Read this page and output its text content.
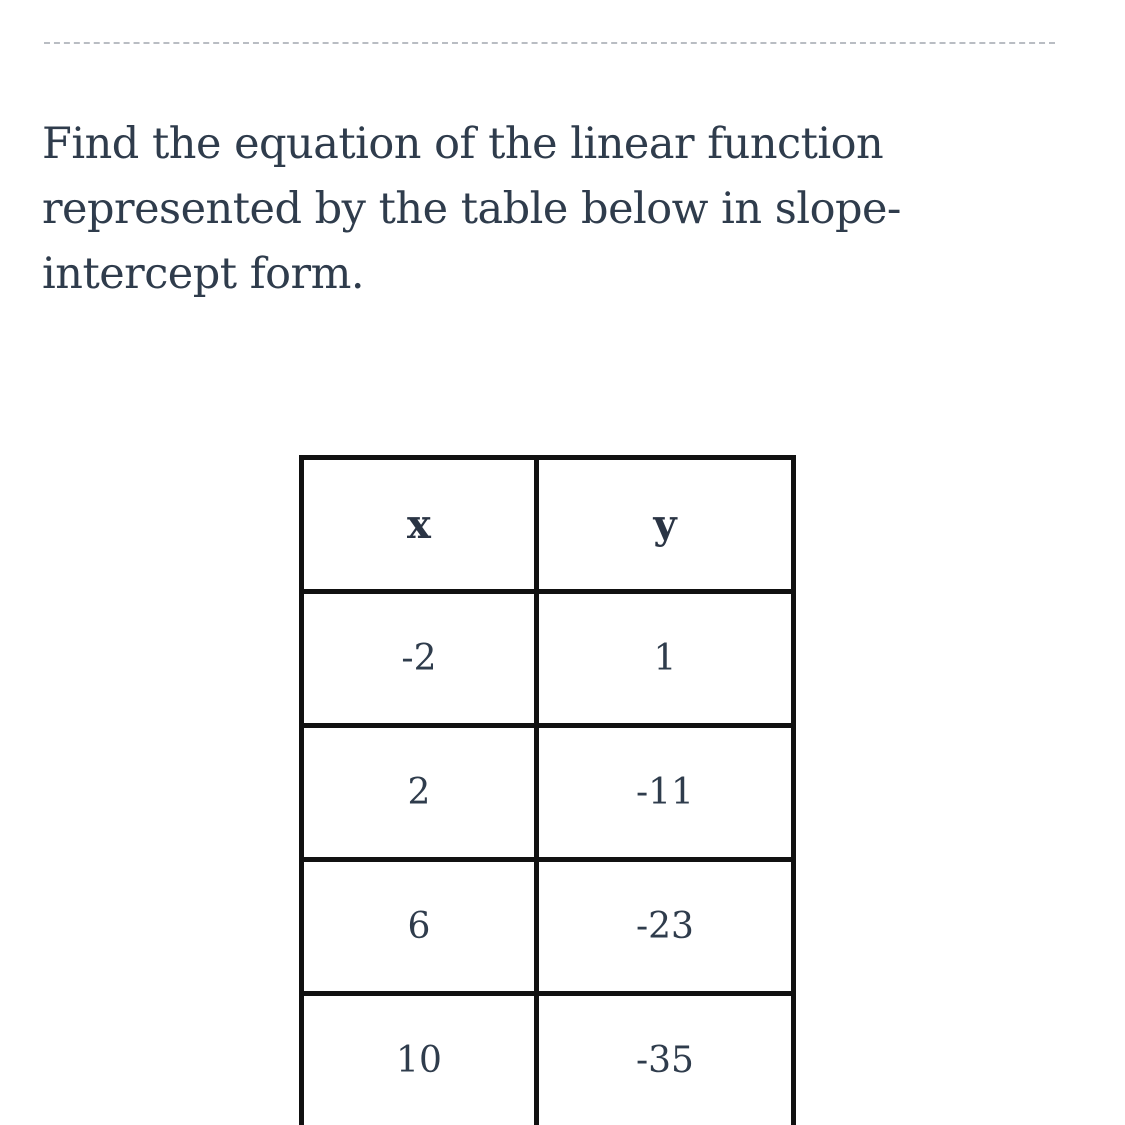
Find the equation of the linear function represented by the table below in slope-intercept form.

x	y
-2	1
2	-11
6	-23
10	-35
